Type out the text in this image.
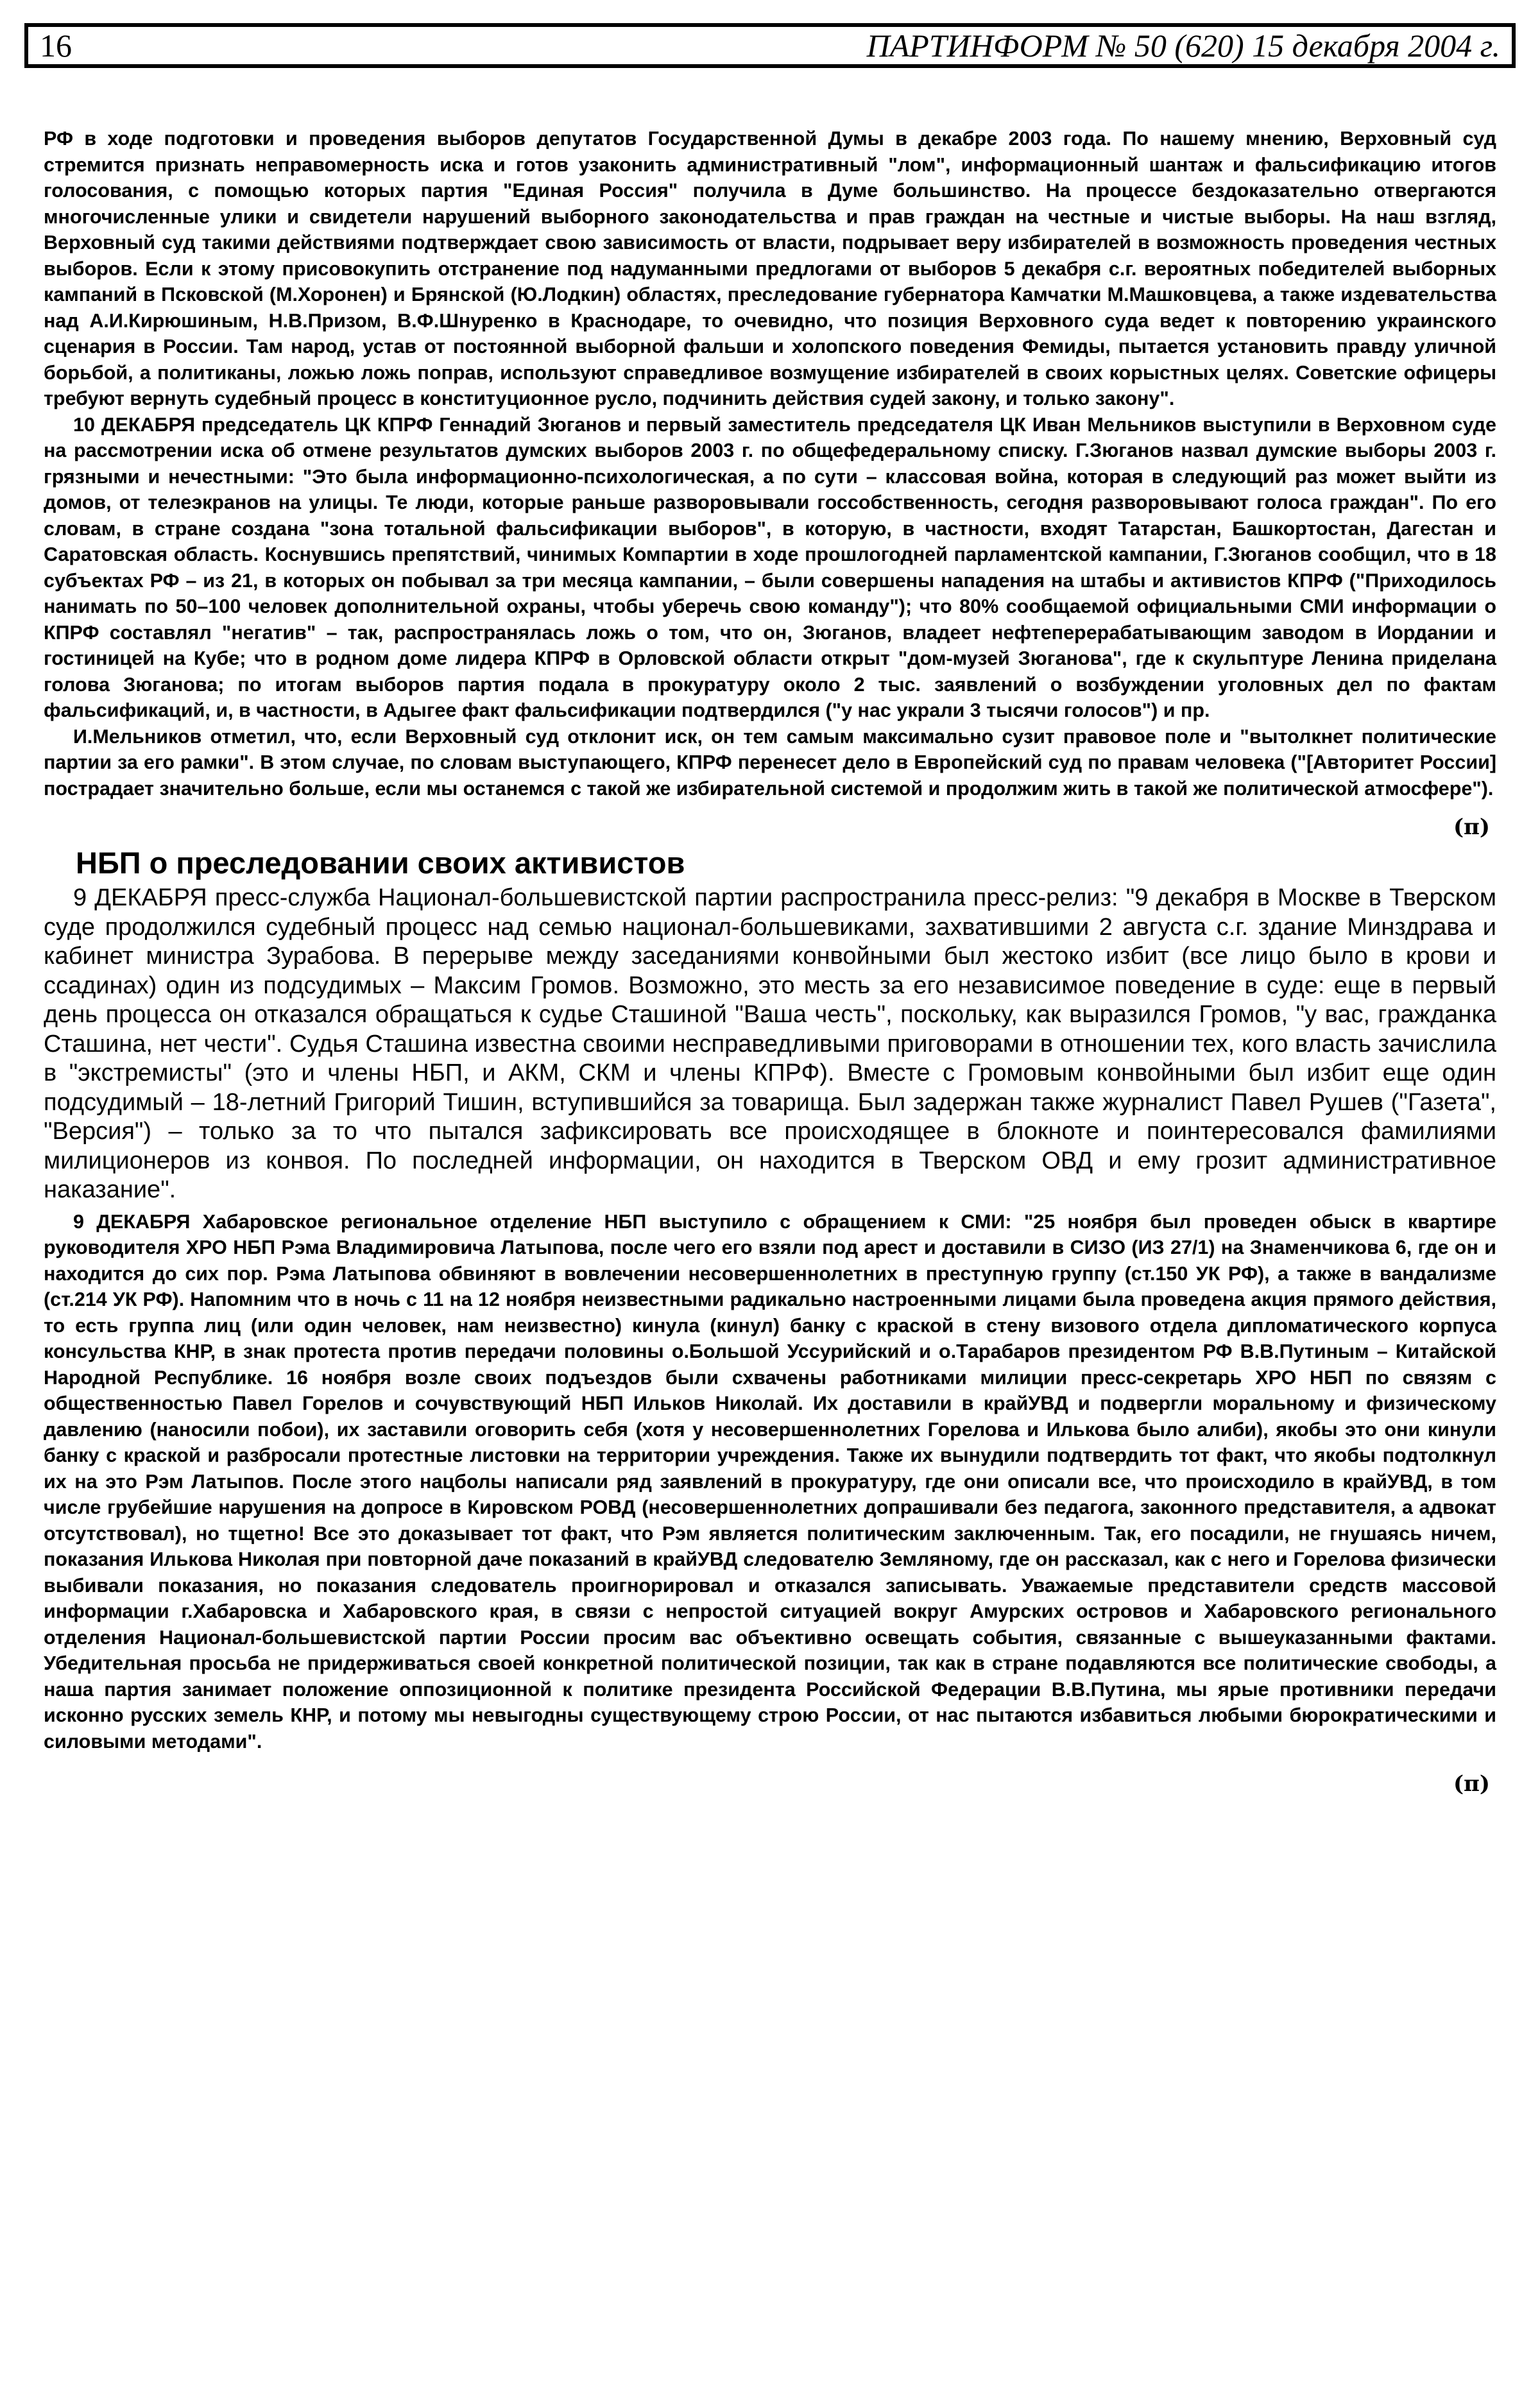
16	ПАРТИНФОРМ № 50 (620) 15 декабря 2004 г.

РФ в ходе подготовки и проведения выборов депутатов Государственной Думы в декабре 2003 года. По нашему мнению, Верховный суд стремится признать неправомерность иска и готов узаконить административный "лом", информационный шантаж и фальсификацию итогов голосования, с помощью которых партия "Единая Россия" получила в Думе большинство. На процессе бездоказательно отвергаются многочисленные улики и свидетели нарушений выборного законодательства и прав граждан на честные и чистые выборы. На наш взгляд, Верховный суд такими действиями подтверждает свою зависимость от власти, подрывает веру избирателей в возможность проведения честных выборов. Если к этому присовокупить отстранение под надуманными предлогами от выборов 5 декабря с.г. вероятных победителей выборных кампаний в Псковской (М.Хоронен) и Брянской (Ю.Лодкин) областях, преследование губернатора Камчатки М.Машковцева, а также издевательства над А.И.Кирюшиным, Н.В.Призом, В.Ф.Шнуренко в Краснодаре, то очевидно, что позиция Верховного суда ведет к повторению украинского сценария в России. Там народ, устав от постоянной выборной фальши и холопского поведения Фемиды, пытается установить правду уличной борьбой, а политиканы, ложью ложь поправ, используют справедливое возмущение избирателей в своих корыстных целях. Советские офицеры требуют вернуть судебный процесс в конституционное русло, подчинить действия судей закону, и только закону".

10 ДЕКАБРЯ председатель ЦК КПРФ Геннадий Зюганов и первый заместитель председателя ЦК Иван Мельников выступили в Верховном суде на рассмотрении иска об отмене результатов думских выборов 2003 г. по общефедеральному списку. Г.Зюганов назвал думские выборы 2003 г. грязными и нечестными: "Это была информационно-психологическая, а по сути – классовая война, которая в следующий раз может выйти из домов, от телеэкранов на улицы. Те люди, которые раньше разворовывали госсобственность, сегодня разворовывают голоса граждан". По его словам, в стране создана "зона тотальной фальсификации выборов", в которую, в частности, входят Татарстан, Башкортостан, Дагестан и Саратовская область. Коснувшись препятствий, чинимых Компартии в ходе прошлогодней парламентской кампании, Г.Зюганов сообщил, что в 18 субъектах РФ – из 21, в которых он побывал за три месяца кампании, – были совершены нападения на штабы и активистов КПРФ ("Приходилось нанимать по 50–100 человек дополнительной охраны, чтобы уберечь свою команду"); что 80% сообщаемой официальными СМИ информации о КПРФ составлял "негатив" – так, распространялась ложь о том, что он, Зюганов, владеет нефтеперерабатывающим заводом в Иордании и гостиницей на Кубе; что в родном доме лидера КПРФ в Орловской области открыт "дом-музей Зюганова", где к скульптуре Ленина приделана голова Зюганова; по итогам выборов партия подала в прокуратуру около 2 тыс. заявлений о возбуждении уголовных дел по фактам фальсификаций, и, в частности, в Адыгее факт фальсификации подтвердился ("у нас украли 3 тысячи голосов") и пр.

И.Мельников отметил, что, если Верховный суд отклонит иск, он тем самым максимально сузит правовое поле и "вытолкнет политические партии за его рамки". В этом случае, по словам выступающего, КПРФ перенесет дело в Европейский суд по правам человека ("[Авторитет России] пострадает значительно больше, если мы останемся с такой же избирательной системой и продолжим жить в такой же политической атмосфере").

(π)
НБП о преследовании своих активистов

9 ДЕКАБРЯ пресс-служба Национал-большевистской партии распространила пресс-релиз: "9 декабря в Москве в Тверском суде продолжился судебный процесс над семью национал-большевиками, захватившими 2 августа с.г. здание Минздрава и кабинет министра Зурабова. В перерыве между заседаниями конвойными был жестоко избит (все лицо было в крови и ссадинах) один из подсудимых – Максим Громов. Возможно, это месть за его независимое поведение в суде: еще в первый день процесса он отказался обращаться к судье Сташиной "Ваша честь", поскольку, как выразился Громов, "у вас, гражданка Сташина, нет чести". Судья Сташина известна своими несправедливыми приговорами в отношении тех, кого власть зачислила в "экстремисты" (это и члены НБП, и АКМ, СКМ и члены КПРФ). Вместе с Громовым конвойными был избит еще один подсудимый – 18-летний Григорий Тишин, вступившийся за товарища. Был задержан также журналист Павел Рушев ("Газета", "Версия") – только за то что пытался зафиксировать все происходящее в блокноте и поинтересовался фамилиями милиционеров из конвоя. По последней информации, он находится в Тверском ОВД и ему грозит административное наказание".

9 ДЕКАБРЯ Хабаровское региональное отделение НБП выступило с обращением к СМИ: "25 ноября был проведен обыск в квартире руководителя ХРО НБП Рэма Владимировича Латыпова, после чего его взяли под арест и доставили в СИЗО (ИЗ 27/1) на Знаменчикова 6, где он и находится до сих пор. Рэма Латыпова обвиняют в вовлечении несовершеннолетних в преступную группу (ст.150 УК РФ), а также в вандализме (ст.214 УК РФ). Напомним что в ночь с 11 на 12 ноября неизвестными радикально настроенными лицами была проведена акция прямого действия, то есть группа лиц (или один человек, нам неизвестно) кинула (кинул) банку с краской в стену визового отдела дипломатического корпуса консульства КНР, в знак протеста против передачи половины о.Большой Уссурийский и о.Тарабаров президентом РФ В.В.Путиным – Китайской Народной Республике. 16 ноября возле своих подъездов были схвачены работниками милиции пресс-секретарь ХРО НБП по связям с общественностью Павел Горелов и сочувствующий НБП Ильков Николай. Их доставили в крайУВД и подвергли моральному и физическому давлению (наносили побои), их заставили оговорить себя (хотя у несовершеннолетних Горелова и Илькова было алиби), якобы это они кинули банку с краской и разбросали протестные листовки на территории учреждения. Также их вынудили подтвердить тот факт, что якобы подтолкнул их на это Рэм Латыпов. После этого нацболы написали ряд заявлений в прокуратуру, где они описали все, что происходило в крайУВД, в том числе грубейшие нарушения на допросе в Кировском РОВД (несовершеннолетних допрашивали без педагога, законного представителя, а адвокат отсутствовал), но тщетно! Все это доказывает тот факт, что Рэм является политическим заключенным. Так, его посадили, не гнушаясь ничем, показания Илькова Николая при повторной даче показаний в крайУВД следователю Земляному, где он рассказал, как с него и Горелова физически выбивали показания, но показания следователь проигнорировал и отказался записывать. Уважаемые представители средств массовой информации г.Хабаровска и Хабаровского края, в связи с непростой ситуацией вокруг Амурских островов и Хабаровского регионального отделения Национал-большевистской партии России просим вас объективно освещать события, связанные с вышеуказанными фактами. Убедительная просьба не придерживаться своей конкретной политической позиции, так как в стране подавляются все политические свободы, а наша партия занимает положение оппозиционной к политике президента Российской Федерации В.В.Путина, мы ярые противники передачи исконно русских земель КНР, и потому мы невыгодны существующему строю России, от нас пытаются избавиться любыми бюрократическими и силовыми методами".

(π)
